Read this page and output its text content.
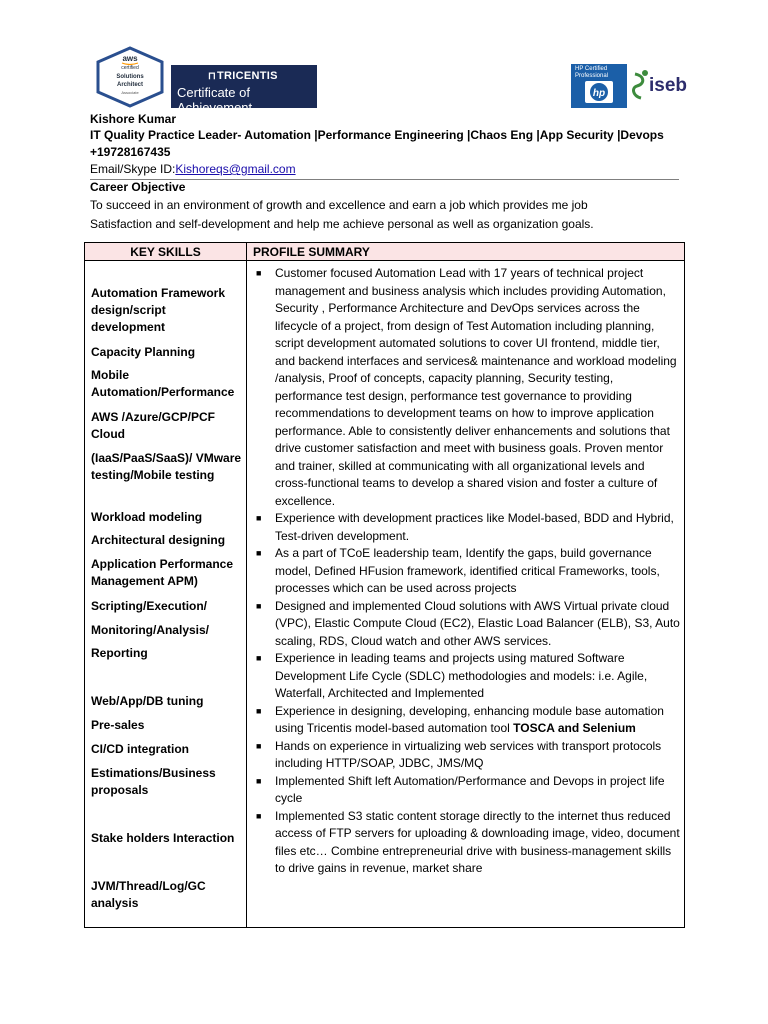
aws
certified
Solutions
Architect
Associate
⊓ TRICENTIS
Certificate of Achievement
HP Certified Professional
hp iseb
Kishore Kumar
IT Quality Practice Leader- Automation |Performance Engineering |Chaos Eng |App Security |Devops
+19728167435
Email/Skype ID:Kishoreqs@gmail.com
Career Objective
To succeed in an environment of growth and excellence and earn a job which provides me job
Satisfaction and self-development and help me achieve personal as well as organization goals.
KEY SKILLS	PROFILE SUMMARY
Automation Framework design/script development
Capacity Planning
Mobile Automation/Performance
AWS /Azure/GCP/PCF Cloud
(IaaS/PaaS/SaaS)/ VMware testing/Mobile testing
Workload modeling
Architectural designing
Application Performance Management APM)
Scripting/Execution/
Monitoring/Analysis/
Reporting
Web/App/DB tuning
Pre-sales
CI/CD integration
Estimations/Business proposals
Stake holders Interaction
JVM/Thread/Log/GC analysis
■ Customer focused Automation Lead with 17 years of technical project management and business analysis which includes providing Automation, Security , Performance Architecture and DevOps services across the lifecycle of a project, from design of Test Automation including planning, script development automated solutions to cover UI frontend, middle tier, and backend interfaces and services& maintenance and workload modeling /analysis, Proof of concepts, capacity planning, Security testing, performance test design, performance test governance to providing recommendations to development teams on how to improve application performance. Able to consistently deliver enhancements and solutions that drive customer satisfaction and meet with business goals. Proven mentor and trainer, skilled at communicating with all organizational levels and cross-functional teams to develop a shared vision and foster a culture of excellence.
■ Experience with development practices like Model-based, BDD and Hybrid, Test-driven development.
■ As a part of TCoE leadership team, Identify the gaps, build governance model, Defined HFusion framework, identified critical Frameworks, tools, processes which can be used across projects
■ Designed and implemented Cloud solutions with AWS Virtual private cloud (VPC), Elastic Compute Cloud (EC2), Elastic Load Balancer (ELB), S3, Auto scaling, RDS, Cloud watch and other AWS services.
■ Experience in leading teams and projects using matured Software Development Life Cycle (SDLC) methodologies and models: i.e. Agile, Waterfall, Architected and Implemented
■ Experience in designing, developing, enhancing module base automation using Tricentis model-based automation tool TOSCA and Selenium
■ Hands on experience in virtualizing web services with transport protocols including HTTP/SOAP, JDBC, JMS/MQ
■ Implemented Shift left Automation/Performance and Devops in project life cycle
■ Implemented S3 static content storage directly to the internet thus reduced access of FTP servers for uploading & downloading image, video, document files etc… Combine entrepreneurial drive with business-management skills to drive gains in revenue, market share
